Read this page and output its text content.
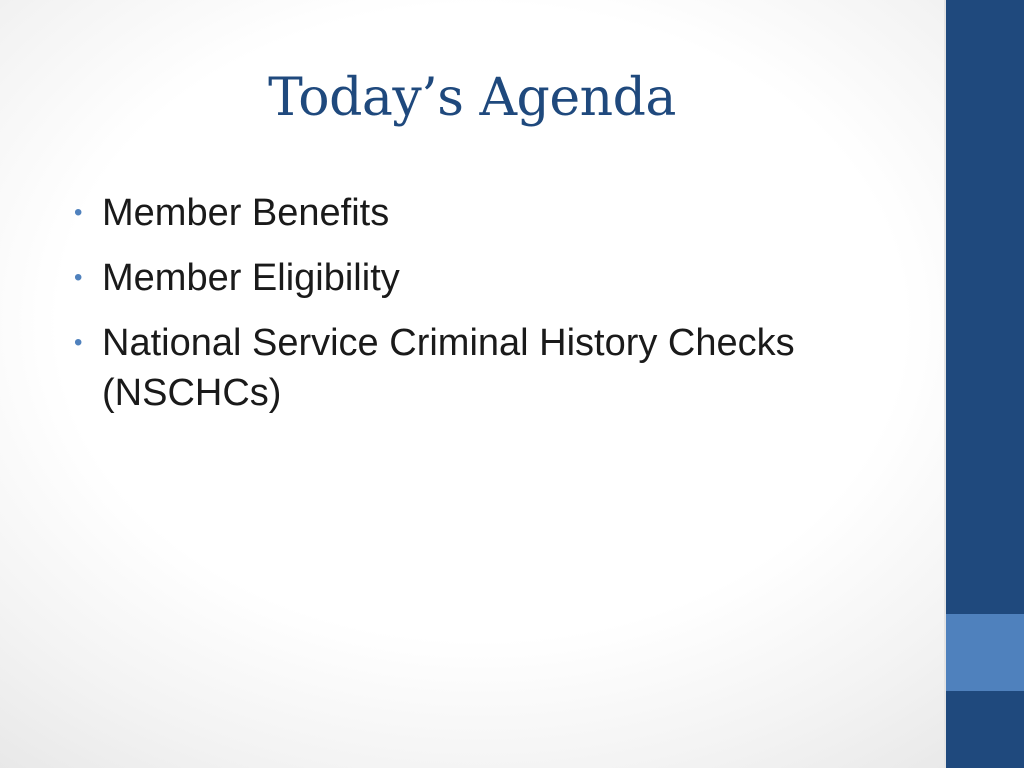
Today’s Agenda
• Member Benefits
• Member Eligibility
• National Service Criminal History Checks (NSCHCs)
